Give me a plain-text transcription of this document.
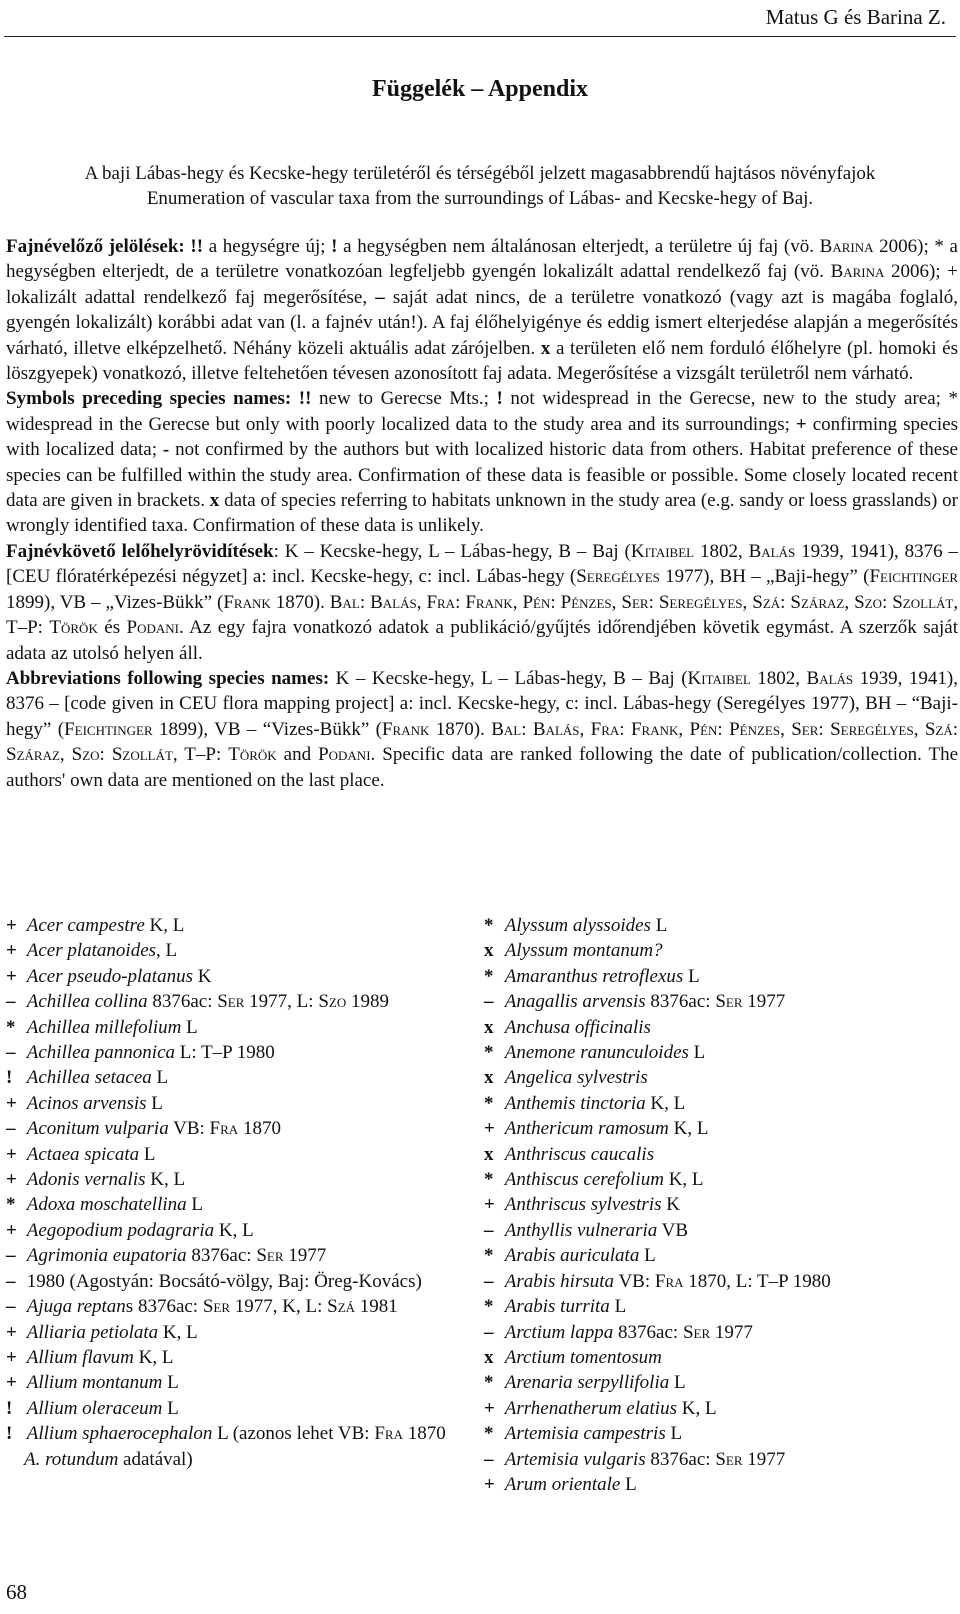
Matus G és Barina Z.
Függelék – Appendix
A baji Lábas-hegy és Kecske-hegy területéről és térségéből jelzett magasabbrendű hajtásos növényfajok
Enumeration of vascular taxa from the surroundings of Lábas- and Kecske-hegy of Baj.

Fajnévelőző jelölések: !! a hegységre új; ! a hegységben nem általánosan elterjedt, a területre új faj (vö. Barina 2006); * a hegységben elterjedt, de a területre vonatkozóan legfeljebb gyengén lokalizált adattal rendelkező faj (vö. Barina 2006); + lokalizált adattal rendelkező faj megerősítése, – saját adat nincs, de a területre vonatkozó (vagy azt is magába foglaló, gyengén lokalizált) korábbi adat van (l. a fajnév után!). A faj élőhelyigénye és eddig ismert elterjedése alapján a megerősítés várható, illetve elképzelhető. Néhány közeli aktuális adat zárójelben. x a területen elő nem forduló élőhelyre (pl. homoki és löszgyepek) vonatkozó, illetve feltehetően tévesen azonosított faj adata. Megerősítése a vizsgált területről nem várható.

Symbols preceding species names: !! new to Gerecse Mts.; ! not widespread in the Gerecse, new to the study area; * widespread in the Gerecse but only with poorly localized data to the study area and its surroundings; + confirming species with localized data; - not confirmed by the authors but with localized historic data from others. Habitat preference of these species can be fulfilled within the study area. Confirmation of these data is feasible or possible. Some closely located recent data are given in brackets. x data of species referring to habitats unknown in the study area (e.g. sandy or loess grasslands) or wrongly identified taxa. Confirmation of these data is unlikely.

Fajnévkövető lelőhelyrövidítések: K – Kecske-hegy, L – Lábas-hegy, B – Baj (Kitaibel 1802, Balás 1939, 1941), 8376 – [CEU flóratérképezési négyzet] a: incl. Kecske-hegy, c: incl. Lábas-hegy (Seregélyes 1977), BH – „Baji-hegy” (Feichtinger 1899), VB – „Vizes-Bükk” (Frank 1870). Bal: Balás, Fra: Frank, Pén: Pénzes, Ser: Seregélyes, Szá: Száraz, Szo: Szollát, T–P: Török és Podani. Az egy fajra vonatkozó adatok a publikáció/gyűjtés időrendjében követik egymást. A szerzők saját adata az utolsó helyen áll.

Abbreviations following species names: K – Kecske-hegy, L – Lábas-hegy, B – Baj (Kitaibel 1802, Balás 1939, 1941), 8376 – [code given in CEU flora mapping project] a: incl. Kecske-hegy, c: incl. Lábas-hegy (Seregélyes 1977), BH – “Baji-hegy” (Feichtinger 1899), VB – “Vizes-Bükk” (Frank 1870). Bal: Balás, Fra: Frank, Pén: Pénzes, Ser: Seregélyes, Szá: Száraz, Szo: Szollát, T–P: Török and Podani. Specific data are ranked following the date of publication/collection. The authors' own data are mentioned on the last place.

+ Acer campestre K, L
+ Acer platanoides, L
+ Acer pseudo-platanus K
– Achillea collina 8376ac: Ser 1977, L: Szo 1989
* Achillea millefolium L
– Achillea pannonica L: T–P 1980
! Achillea setacea L
+ Acinos arvensis L
– Aconitum vulparia VB: Fra 1870
+ Actaea spicata L
+ Adonis vernalis K, L
* Adoxa moschatellina L
+ Aegopodium podagraria K, L
– Agrimonia eupatoria 8376ac: Ser 1977
– 1980 (Agostyán: Bocsátó-völgy, Baj: Öreg-Kovács)
– Ajuga reptans 8376ac: Ser 1977, K, L: Szá 1981
+ Alliaria petiolata K, L
+ Allium flavum K, L
+ Allium montanum L
! Allium oleraceum L
! Allium sphaerocephalon L (azonos lehet VB: Fra 1870 A. rotundum adatával)
* Alyssum alyssoides L
x Alyssum montanum?
* Amaranthus retroflexus L
– Anagallis arvensis 8376ac: Ser 1977
x Anchusa officinalis
* Anemone ranunculoides L
x Angelica sylvestris
* Anthemis tinctoria K, L
+ Anthericum ramosum K, L
x Anthriscus caucalis
* Anthiscus cerefolium K, L
+ Anthriscus sylvestris K
– Anthyllis vulneraria VB
* Arabis auriculata L
– Arabis hirsuta VB: Fra 1870, L: T–P 1980
* Arabis turrita L
– Arctium lappa 8376ac: Ser 1977
x Arctium tomentosum
* Arenaria serpyllifolia L
+ Arrhenatherum elatius K, L
* Artemisia campestris L
– Artemisia vulgaris 8376ac: Ser 1977
+ Arum orientale L
68
